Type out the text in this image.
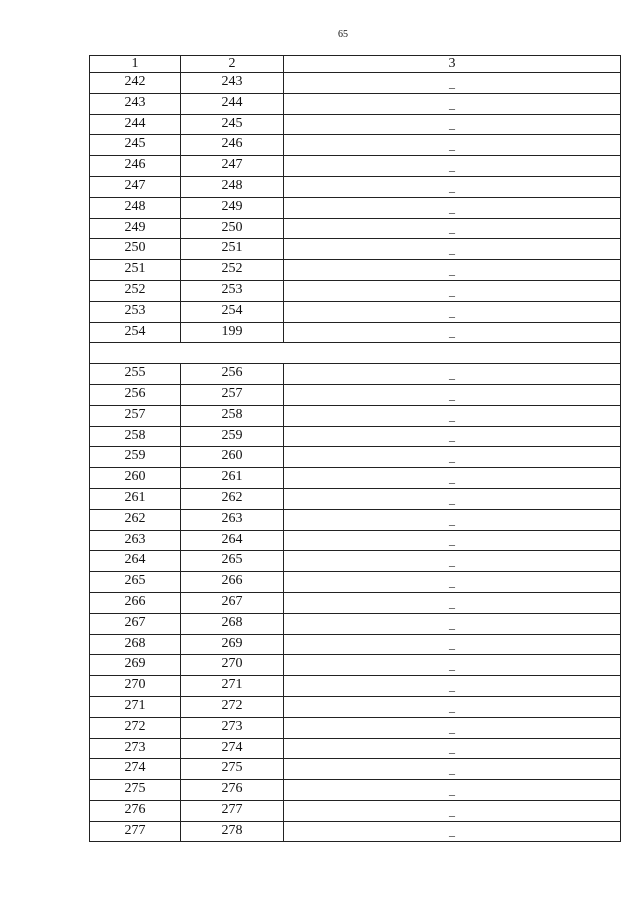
65
1	2	3
242	243	–
243	244	–
244	245	–
245	246	–
246	247	–
247	248	–
248	249	–
249	250	–
250	251	–
251	252	–
252	253	–
253	254	–
254	199	–

255	256	–
256	257	–
257	258	–
258	259	–
259	260	–
260	261	–
261	262	–
262	263	–
263	264	–
264	265	–
265	266	–
266	267	–
267	268	–
268	269	–
269	270	–
270	271	–
271	272	–
272	273	–
273	274	–
274	275	–
275	276	–
276	277	–
277	278	–
